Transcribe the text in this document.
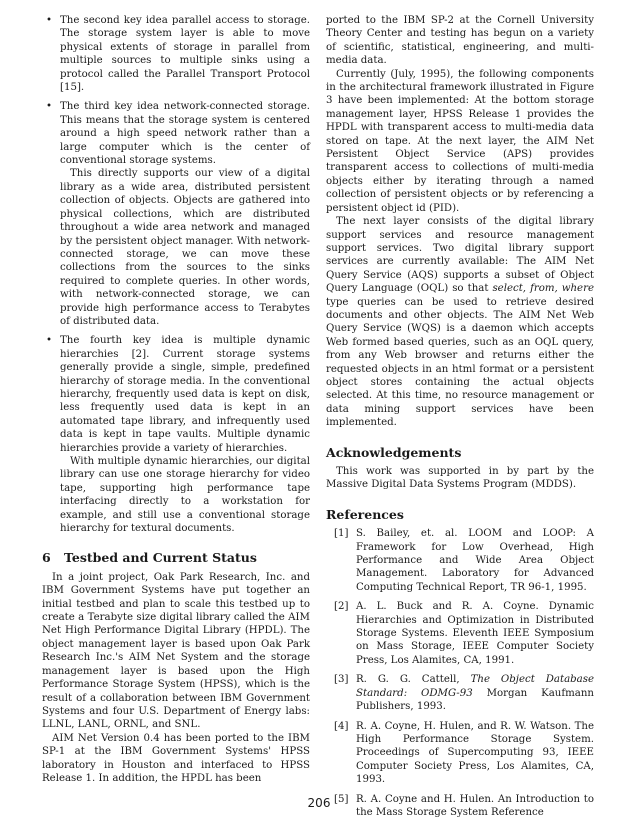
• The second key idea parallel access to storage. The storage system layer is able to move physical extents of storage in parallel from multiple sources to multiple sinks using a protocol called the Parallel Transport Protocol [15].

• The third key idea network-connected storage. This means that the storage system is centered around a high speed network rather than a large computer which is the center of conventional storage systems.

This directly supports our view of a digital library as a wide area, distributed persistent collection of objects. Objects are gathered into physical collections, which are distributed throughout a wide area network and managed by the persistent object manager. With network-connected storage, we can move these collections from the sources to the sinks required to complete queries. In other words, with network-connected storage, we can provide high performance access to Terabytes of distributed data.

• The fourth key idea is multiple dynamic hierarchies [2]. Current storage systems generally provide a single, simple, predefined hierarchy of storage media. In the conventional hierarchy, frequently used data is kept on disk, less frequently used data is kept in an automated tape library, and infrequently used data is kept in tape vaults. Multiple dynamic hierarchies provide a variety of hierarchies.

With multiple dynamic hierarchies, our digital library can use one storage hierarchy for video tape, supporting high performance tape interfacing directly to a workstation for example, and still use a conventional storage hierarchy for textural documents.

6 Testbed and Current Status

In a joint project, Oak Park Research, Inc. and IBM Government Systems have put together an initial testbed and plan to scale this testbed up to create a Terabyte size digital library called the AIM Net High Performance Digital Library (HPDL). The object management layer is based upon Oak Park Research Inc.'s AIM Net System and the storage management layer is based upon the High Performance Storage System (HPSS), which is the result of a collaboration between IBM Government Systems and four U.S. Department of Energy labs: LLNL, LANL, ORNL, and SNL.

AIM Net Version 0.4 has been ported to the IBM SP-1 at the IBM Government Systems' HPSS laboratory in Houston and interfaced to HPSS Release 1. In addition, the HPDL has been

ported to the IBM SP-2 at the Cornell University Theory Center and testing has begun on a variety of scientific, statistical, engineering, and multi-media data.

Currently (July, 1995), the following components in the architectural framework illustrated in Figure 3 have been implemented: At the bottom storage management layer, HPSS Release 1 provides the HPDL with transparent access to multi-media data stored on tape. At the next layer, the AIM Net Persistent Object Service (APS) provides transparent access to collections of multi-media objects either by iterating through a named collection of persistent objects or by referencing a persistent object id (PID).

The next layer consists of the digital library support services and resource management support services. Two digital library support services are currently available: The AIM Net Query Service (AQS) supports a subset of Object Query Language (OQL) so that select, from, where type queries can be used to retrieve desired documents and other objects. The AIM Net Web Query Service (WQS) is a daemon which accepts Web formed based queries, such as an OQL query, from any Web browser and returns either the requested objects in an html format or a persistent object stores containing the actual objects selected. At this time, no resource management or data mining support services have been implemented.

Acknowledgements

This work was supported in by part by the Massive Digital Data Systems Program (MDDS).

References
[1] S. Bailey, et. al. LOOM and LOOP: A Framework for Low Overhead, High Performance and Wide Area Object Management. Laboratory for Advanced Computing Technical Report, TR 96-1, 1995.
[2] A. L. Buck and R. A. Coyne. Dynamic Hierarchies and Optimization in Distributed Storage Systems. Eleventh IEEE Symposium on Mass Storage, IEEE Computer Society Press, Los Alamites, CA, 1991.
[3] R. G. G. Cattell, The Object Database Standard: ODMG-93 Morgan Kaufmann Publishers, 1993.
[4] R. A. Coyne, H. Hulen, and R. W. Watson. The High Performance Storage System. Proceedings of Supercomputing 93, IEEE Computer Society Press, Los Alamites, CA, 1993.
[5] R. A. Coyne and H. Hulen. An Introduction to the Mass Storage System Reference
206
